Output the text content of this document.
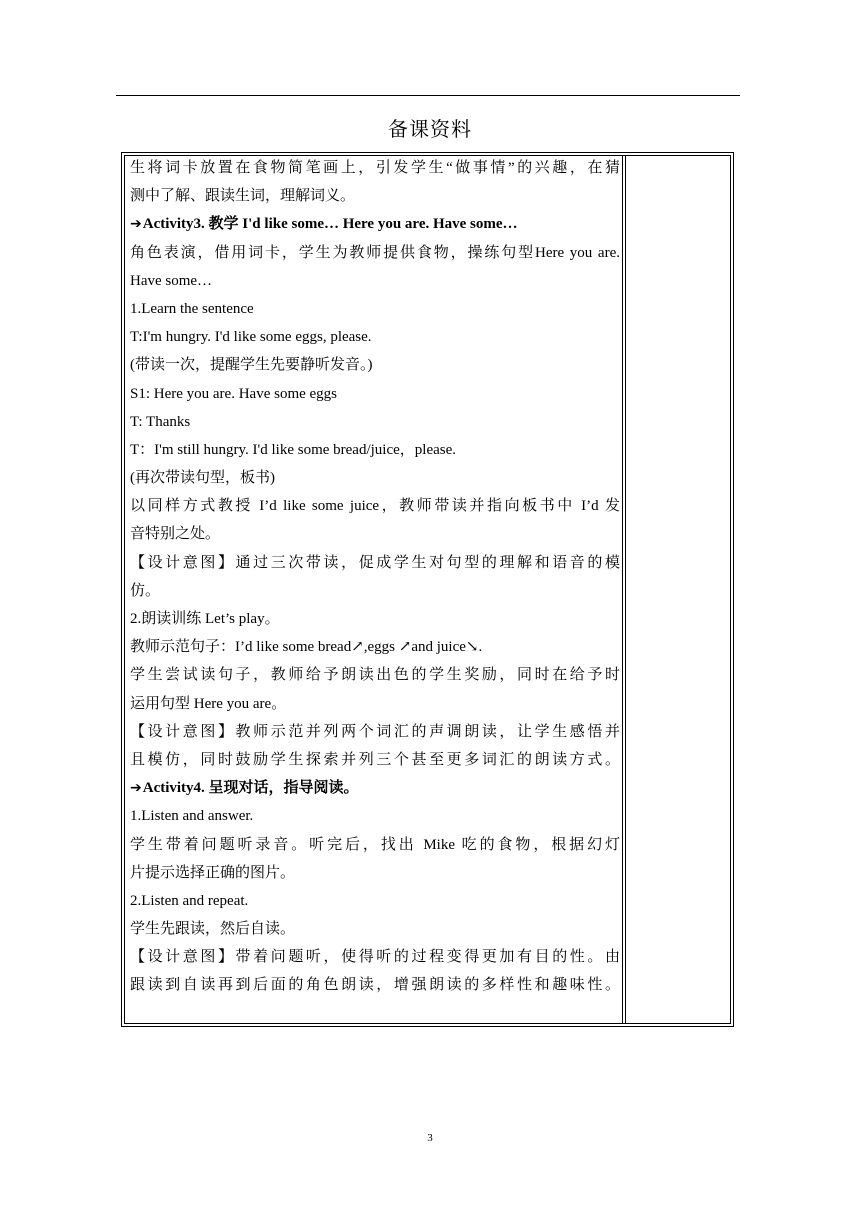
备课资料
生将词卡放置在食物简笔画上，引发学生“做事情”的兴趣，在猜
测中了解、跟读生词，理解词义。
➔Activity3. 教学 I'd like some… Here you are. Have some…
角色表演，借用词卡，学生为教师提供食物，操练句型Here you are.
Have some…
1.Learn the sentence
T:I'm hungry. I'd like some eggs, please.
(带读一次，提醒学生先要静听发音。)
S1: Here you are. Have some eggs
T: Thanks
T：I'm still hungry. I'd like some bread/juice，please.
(再次带读句型，板书)
以同样方式教授 I’d like some juice，教师带读并指向板书中 I’d 发
音特别之处。
【设计意图】通过三次带读，促成学生对句型的理解和语音的模
仿。
2.朗读训练 Let’s play。
教师示范句子：I’d like some bread↗,eggs ↗and juice↘.
学生尝试读句子，教师给予朗读出色的学生奖励，同时在给予时
运用句型 Here you are。
【设计意图】教师示范并列两个词汇的声调朗读，让学生感悟并
且模仿，同时鼓励学生探索并列三个甚至更多词汇的朗读方式。
➔Activity4. 呈现对话，指导阅读。
1.Listen and answer.
学生带着问题听录音。听完后，找出 Mike 吃的食物，根据幻灯
片提示选择正确的图片。
2.Listen and repeat.
学生先跟读，然后自读。
【设计意图】带着问题听，使得听的过程变得更加有目的性。由
跟读到自读再到后面的角色朗读，增强朗读的多样性和趣味性。
3
